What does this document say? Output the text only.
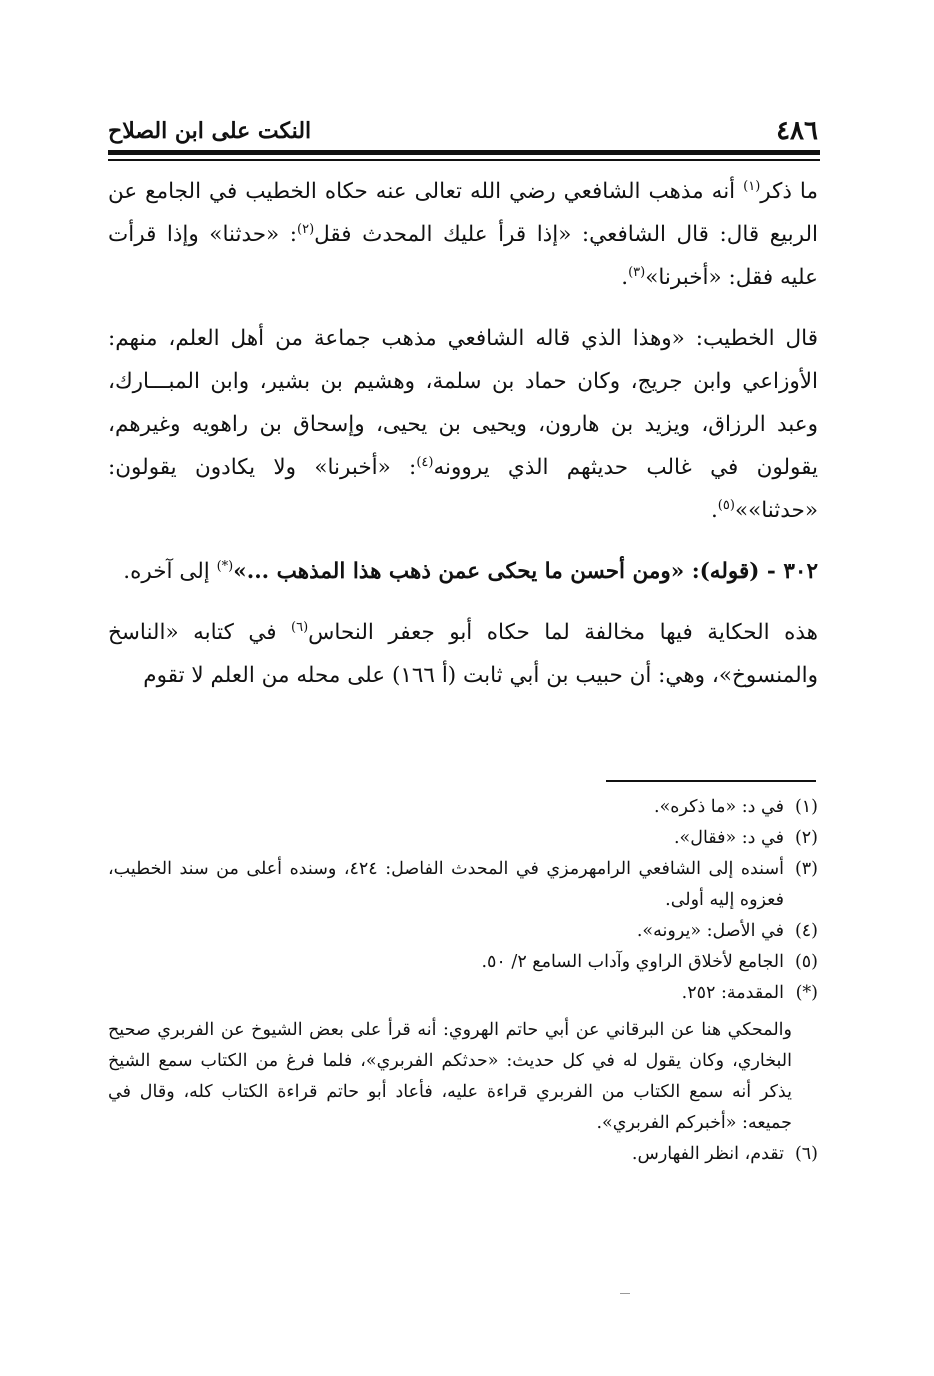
٤٨٦
النكت على ابن الصلاح

ما ذكر$^{(١)}$ أنه مذهب الشافعي رضي الله تعالى عنه حكاه الخطيب في الجامع عن الربيع قال: قال الشافعي: «إذا قرأ عليك المحدث فقل$^{(٢)}$: «حدثنا» وإذا قرأت عليه فقل: «أخبرنا»$^{(٣)}$.

قال الخطيب: «وهذا الذي قاله الشافعي مذهب جماعة من أهل العلم، منهم: الأوزاعي وابن جريج، وكان حماد بن سلمة، وهشيم بن بشير، وابن المبـــارك، وعبد الرزاق، ويزيد بن هارون، ويحيى بن يحيى، وإسحاق بن راهويه وغيرهم، يقولون في غالب حديثهم الذي يروونه$^{(٤)}$: «أخبرنا» ولا يكادون يقولون: «حدثنا»»$^{(٥)}$.

٣٠٢ - (قوله): «ومن أحسن ما يحكى عمن ذهب هذا المذهب ...»(*) إلى آخره.

هذه الحكاية فيها مخالفة لما حكاه أبو جعفر النحاس$^{(٦)}$ في كتابه «الناسخ والمنسوخ»، وهي: أن حبيب بن أبي ثابت (أ ١٦٦) على محله من العلم لا تقوم

(١)
في د: «ما ذكره».

(٢)
في د: «فقال».

(٣)
أسنده إلى الشافعي الرامهرمزي في المحدث الفاصل: ٤٢٤، وسنده أعلى من سند الخطيب، فعزوه إليه أولى.

(٤)
في الأصل: «يرونه».

(٥)
الجامع لأخلاق الراوي وآداب السامع ٢/ ٥٠.

(*)
المقدمة: ٢٥٢.

والمحكي هنا عن البرقاني عن أبي حاتم الهروي: أنه قرأ على بعض الشيوخ عن الفربري صحيح البخاري، وكان يقول له في كل حديث: «حدثكم الفربري»، فلما فرغ من الكتاب سمع الشيخ يذكر أنه سمع الكتاب من الفربري قراءة عليه، فأعاد أبو حاتم قراءة الكتاب كله، وقال في جميعه: «أخبركم الفربري».

(٦)
تقدم، انظر الفهارس.
